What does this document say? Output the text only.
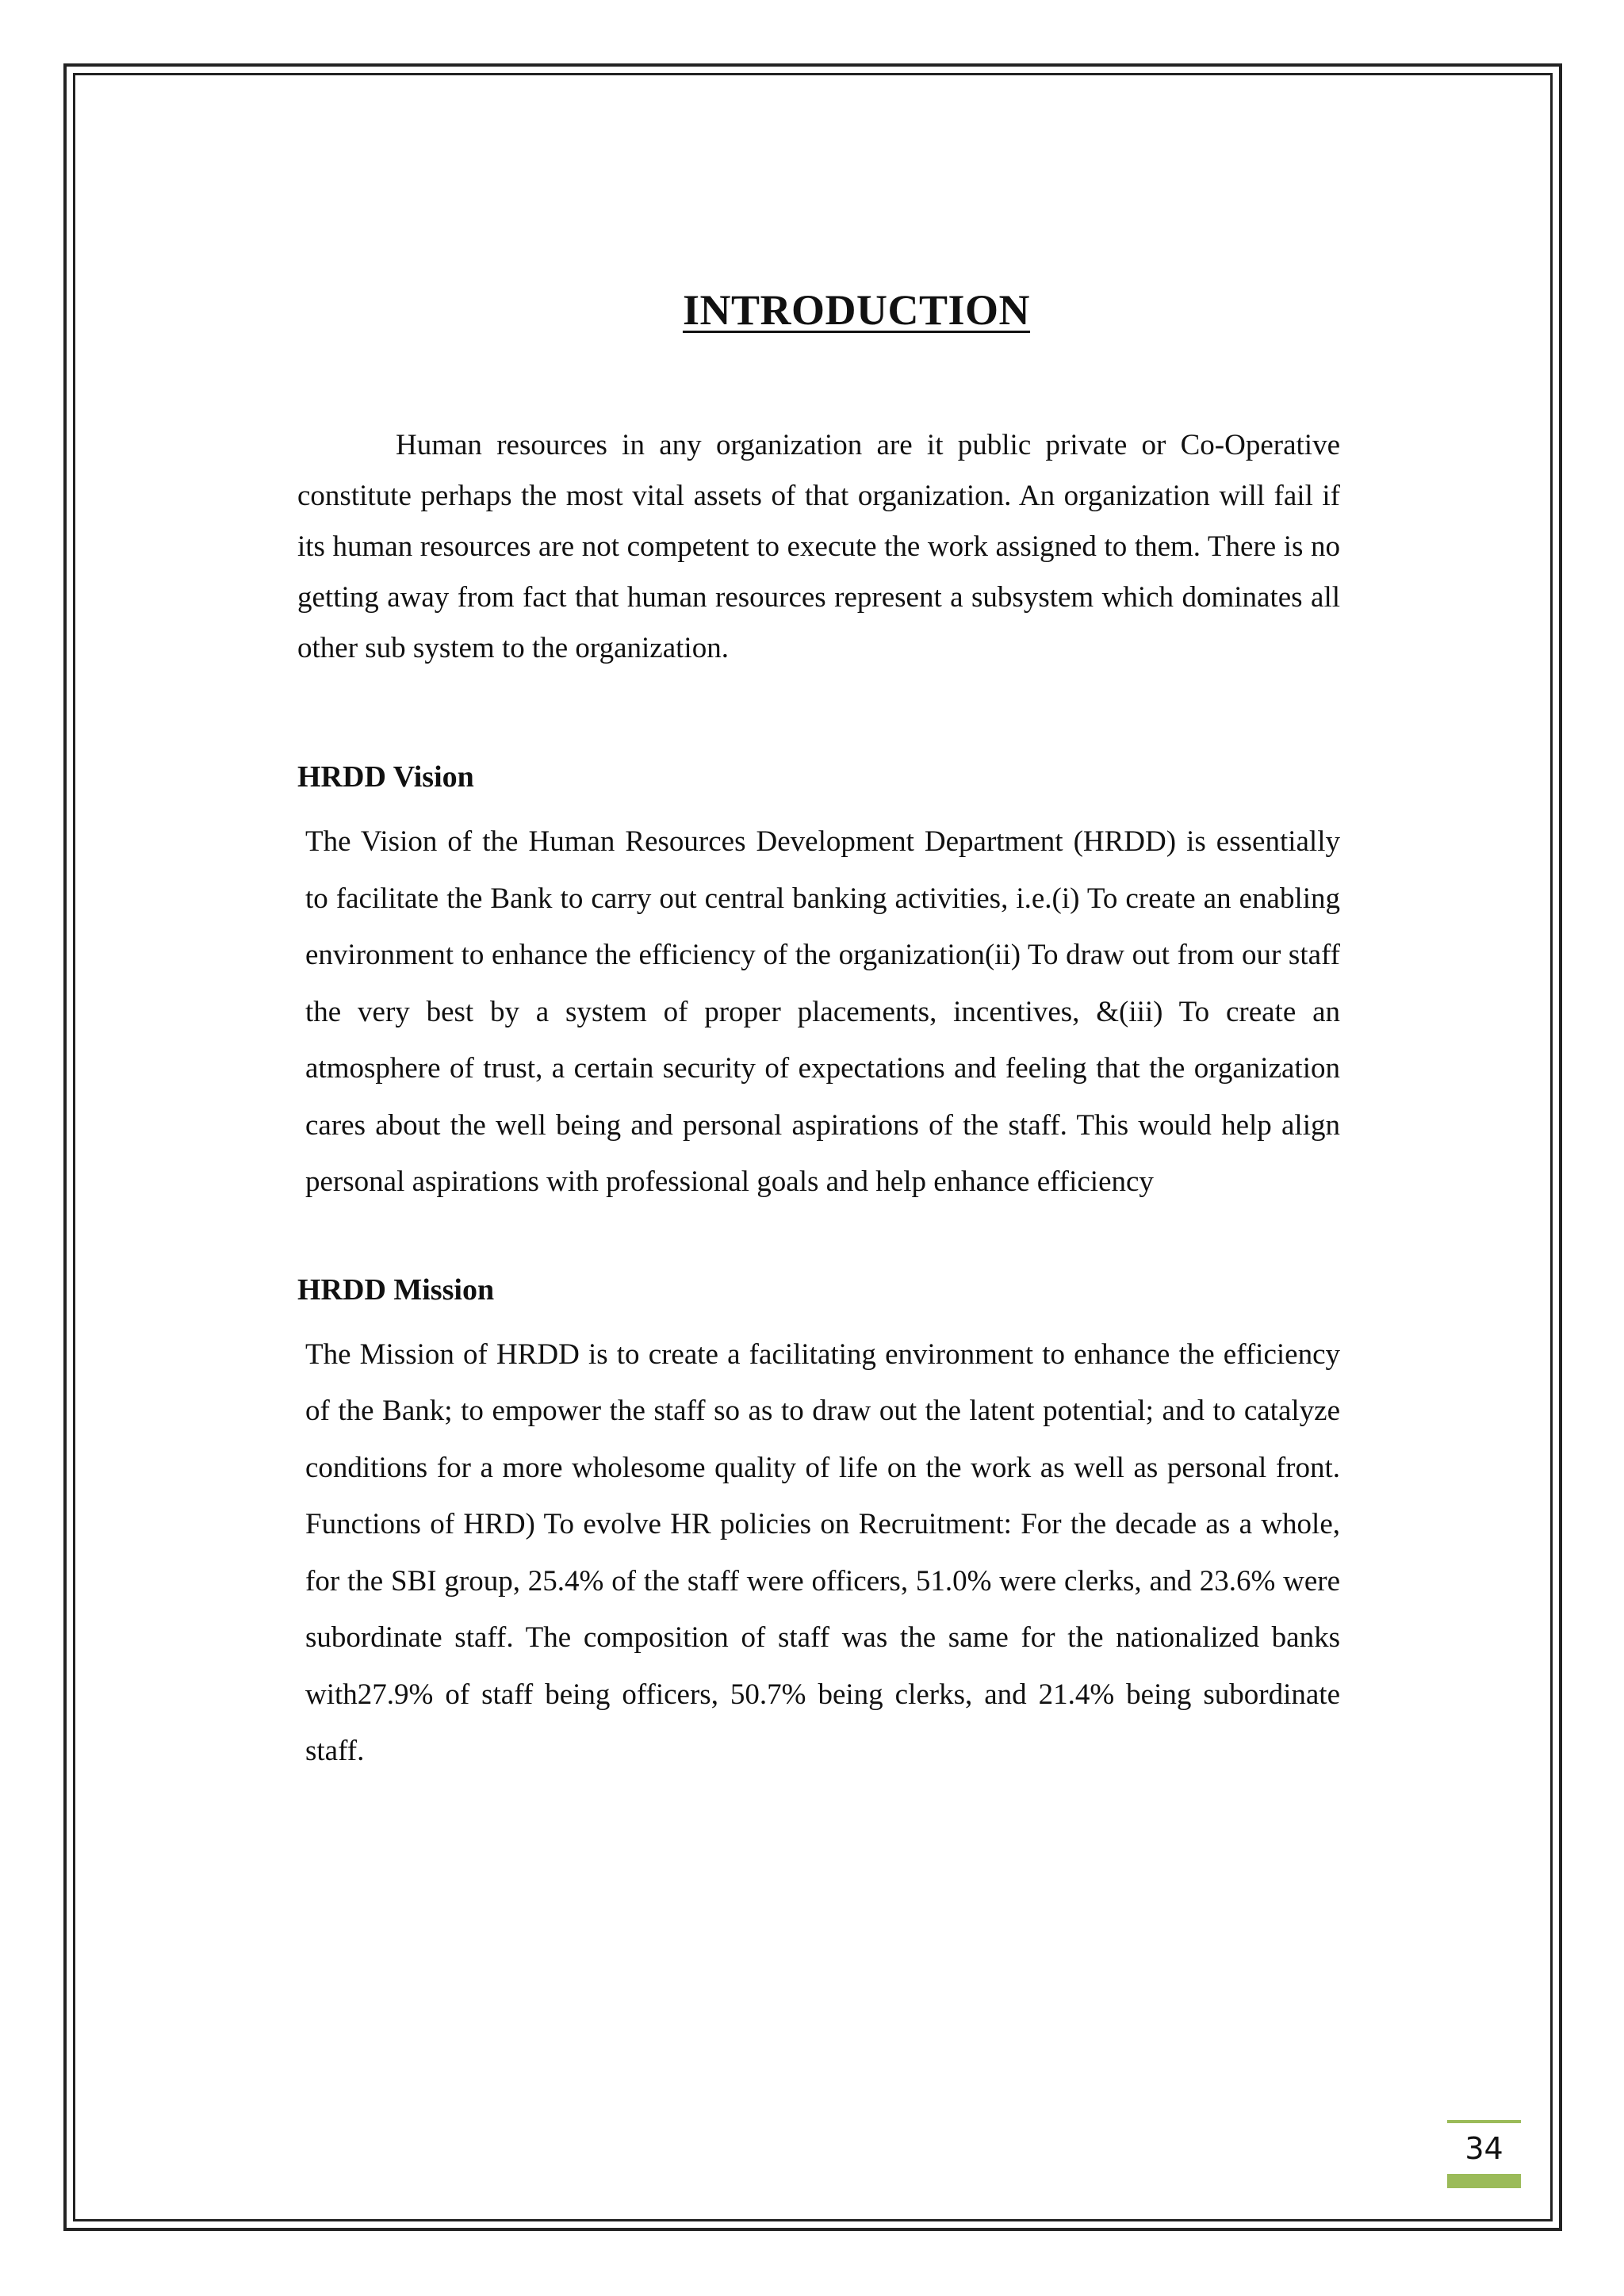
INTRODUCTION

Human resources in any organization are it public private or Co-Operative constitute perhaps the most vital assets of that organization. An organization will fail if its human resources are not competent to execute the work assigned to them. There is no getting away from fact that human resources represent a subsystem which dominates all other sub system to the organization.

HRDD Vision

The Vision of the Human Resources Development Department (HRDD) is essentially to facilitate the Bank to carry out central banking activities, i.e.(i) To create an enabling environment to enhance the efficiency of the organization(ii) To draw out from our staff the very best by a system of proper placements, incentives, &(iii) To create an atmosphere of trust, a certain security of expectations and feeling that the organization cares about the well being and personal aspirations of the staff. This would help align personal aspirations with professional goals and help enhance efficiency

HRDD Mission

The Mission of HRDD is to create a facilitating environment to enhance the efficiency of the Bank; to empower the staff so as to draw out the latent potential; and to catalyze conditions for a more wholesome quality of life on the work as well as personal front. Functions of HRD) To evolve HR policies on Recruitment: For the decade as a whole, for the SBI group, 25.4% of the staff were officers, 51.0% were clerks, and 23.6% were subordinate staff. The composition of staff was the same for the nationalized banks with27.9% of staff being officers, 50.7% being clerks, and 21.4% being subordinate staff.

34
